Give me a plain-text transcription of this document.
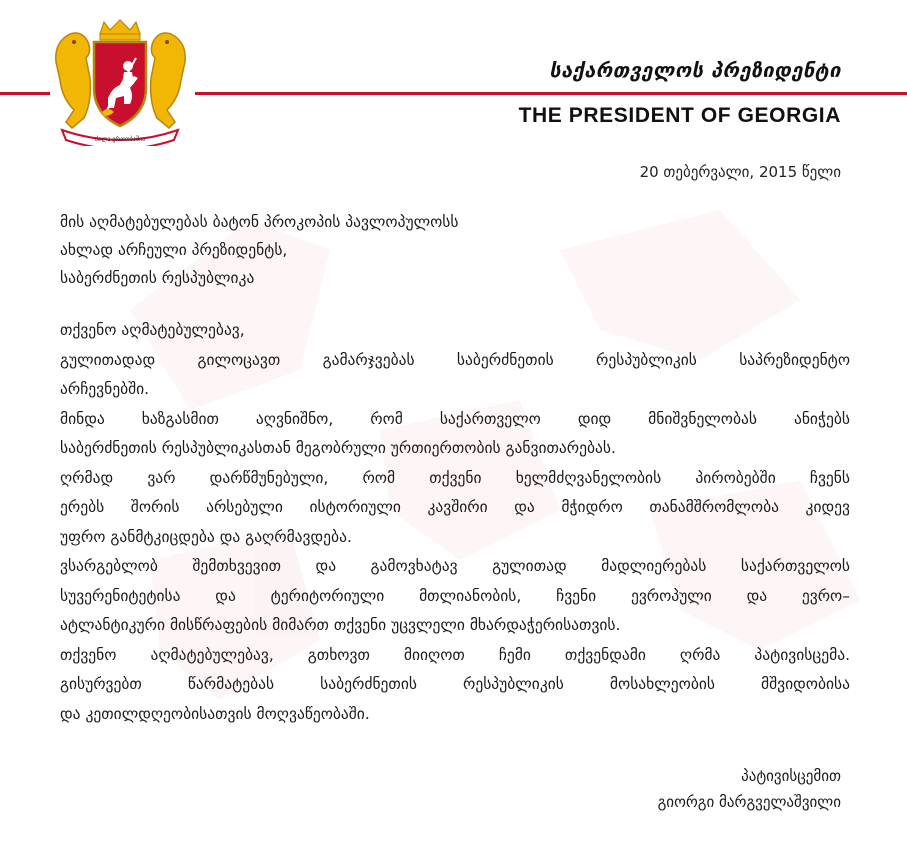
ძალა ერთობაშია
საქართველოს პრეზიდენტი
THE PRESIDENT OF GEORGIA
20 თებერვალი, 2015 წელი
მის აღმატებულებას ბატონ პროკოპის პავლოპულოსს
ახლად არჩეული პრეზიდენტს,
საბერძნეთის რესპუბლიკა
თქვენო აღმატებულებავ,
გულითადად გილოცავთ გამარჯვებას საბერძნეთის რესპუბლიკის საპრეზიდენტო
არჩევნებში.
მინდა ხაზგასმით აღვნიშნო, რომ საქართველო დიდ მნიშვნელობას ანიჭებს
საბერძნეთის რესპუბლიკასთან მეგობრული ურთიერთობის განვითარებას.
ღრმად ვარ დარწმუნებული, რომ თქვენი ხელმძღვანელობის პირობებში ჩვენს
ერებს შორის არსებული ისტორიული კავშირი და მჭიდრო თანამშრომლობა კიდევ
უფრო განმტკიცდება და გაღრმავდება.
ვსარგებლობ შემთხვევით და გამოვხატავ გულითად მადლიერებას საქართველოს
სუვერენიტეტისა და ტერიტორიული მთლიანობის, ჩვენი ევროპული და ევრო–
ატლანტიკური მისწრაფების მიმართ თქვენი უცვლელი მხარდაჭერისათვის.
თქვენო აღმატებულებავ, გთხოვთ მიიღოთ ჩემი თქვენდამი ღრმა პატივისცემა.
გისურვებთ წარმატებას საბერძნეთის რესპუბლიკის მოსახლეობის მშვიდობისა
და კეთილდღეობისათვის მოღვაწეობაში.
პატივისცემით
გიორგი მარგველაშვილი
